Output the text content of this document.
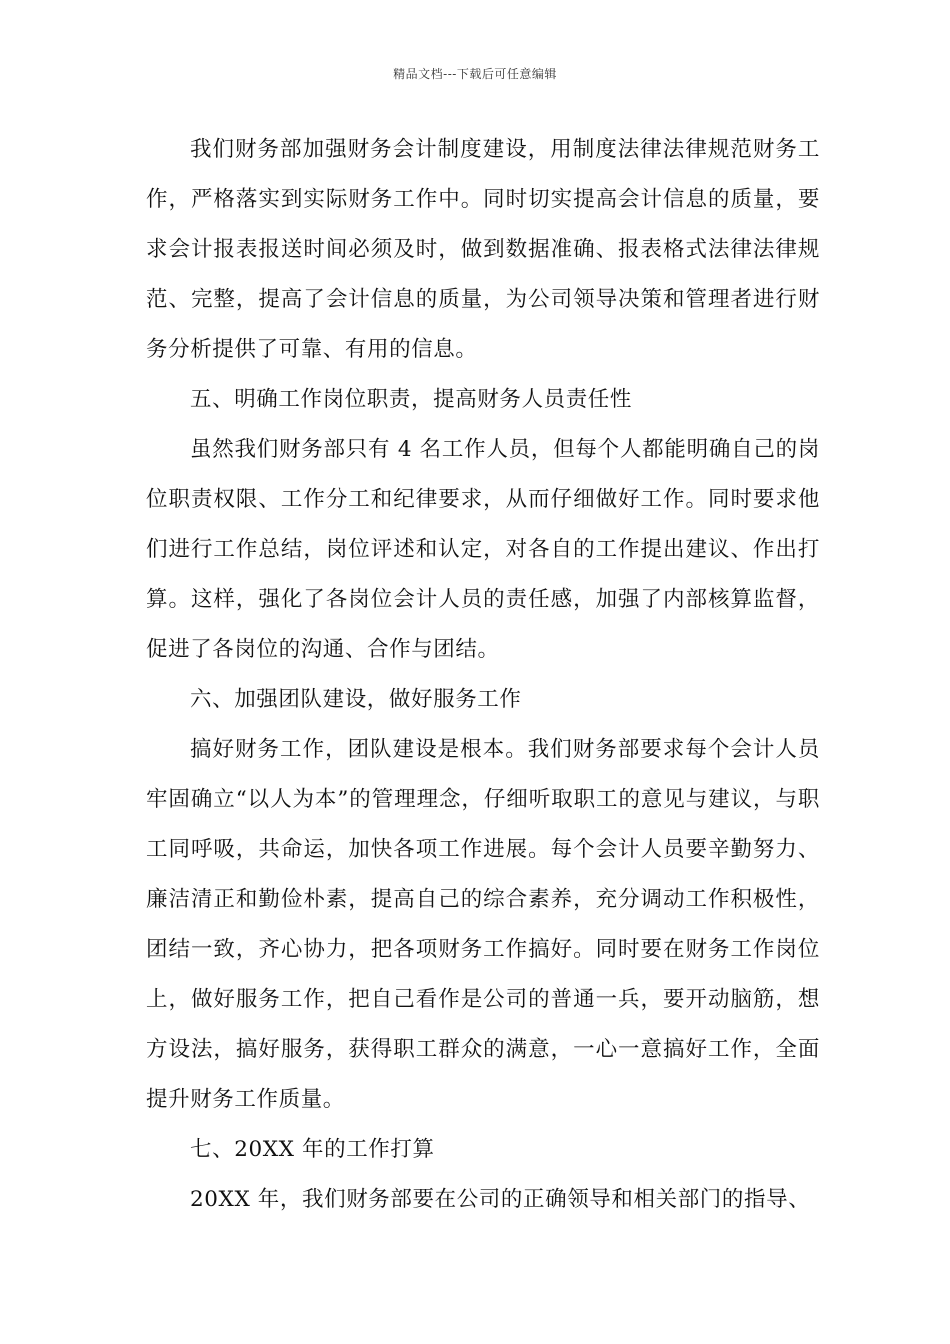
精品文档---下载后可任意编辑

我们财务部加强财务会计制度建设，用制度法律法律规范财务工作，严格落实到实际财务工作中。同时切实提高会计信息的质量，要求会计报表报送时间必须及时，做到数据准确、报表格式法律法律规范、完整，提高了会计信息的质量，为公司领导决策和管理者进行财务分析提供了可靠、有用的信息。

五、明确工作岗位职责，提高财务人员责任性

虽然我们财务部只有 4 名工作人员，但每个人都能明确自己的岗位职责权限、工作分工和纪律要求，从而仔细做好工作。同时要求他们进行工作总结，岗位评述和认定，对各自的工作提出建议、作出打算。这样，强化了各岗位会计人员的责任感，加强了内部核算监督，促进了各岗位的沟通、合作与团结。

六、加强团队建设，做好服务工作

搞好财务工作，团队建设是根本。我们财务部要求每个会计人员牢固确立“以人为本”的管理理念，仔细听取职工的意见与建议，与职工同呼吸，共命运，加快各项工作进展。每个会计人员要辛勤努力、廉洁清正和勤俭朴素，提高自己的综合素养，充分调动工作积极性，团结一致，齐心协力，把各项财务工作搞好。同时要在财务工作岗位上，做好服务工作，把自己看作是公司的普通一兵，要开动脑筋，想方设法，搞好服务，获得职工群众的满意，一心一意搞好工作，全面提升财务工作质量。

七、20XX 年的工作打算

20XX 年，我们财务部要在公司的正确领导和相关部门的指导、
